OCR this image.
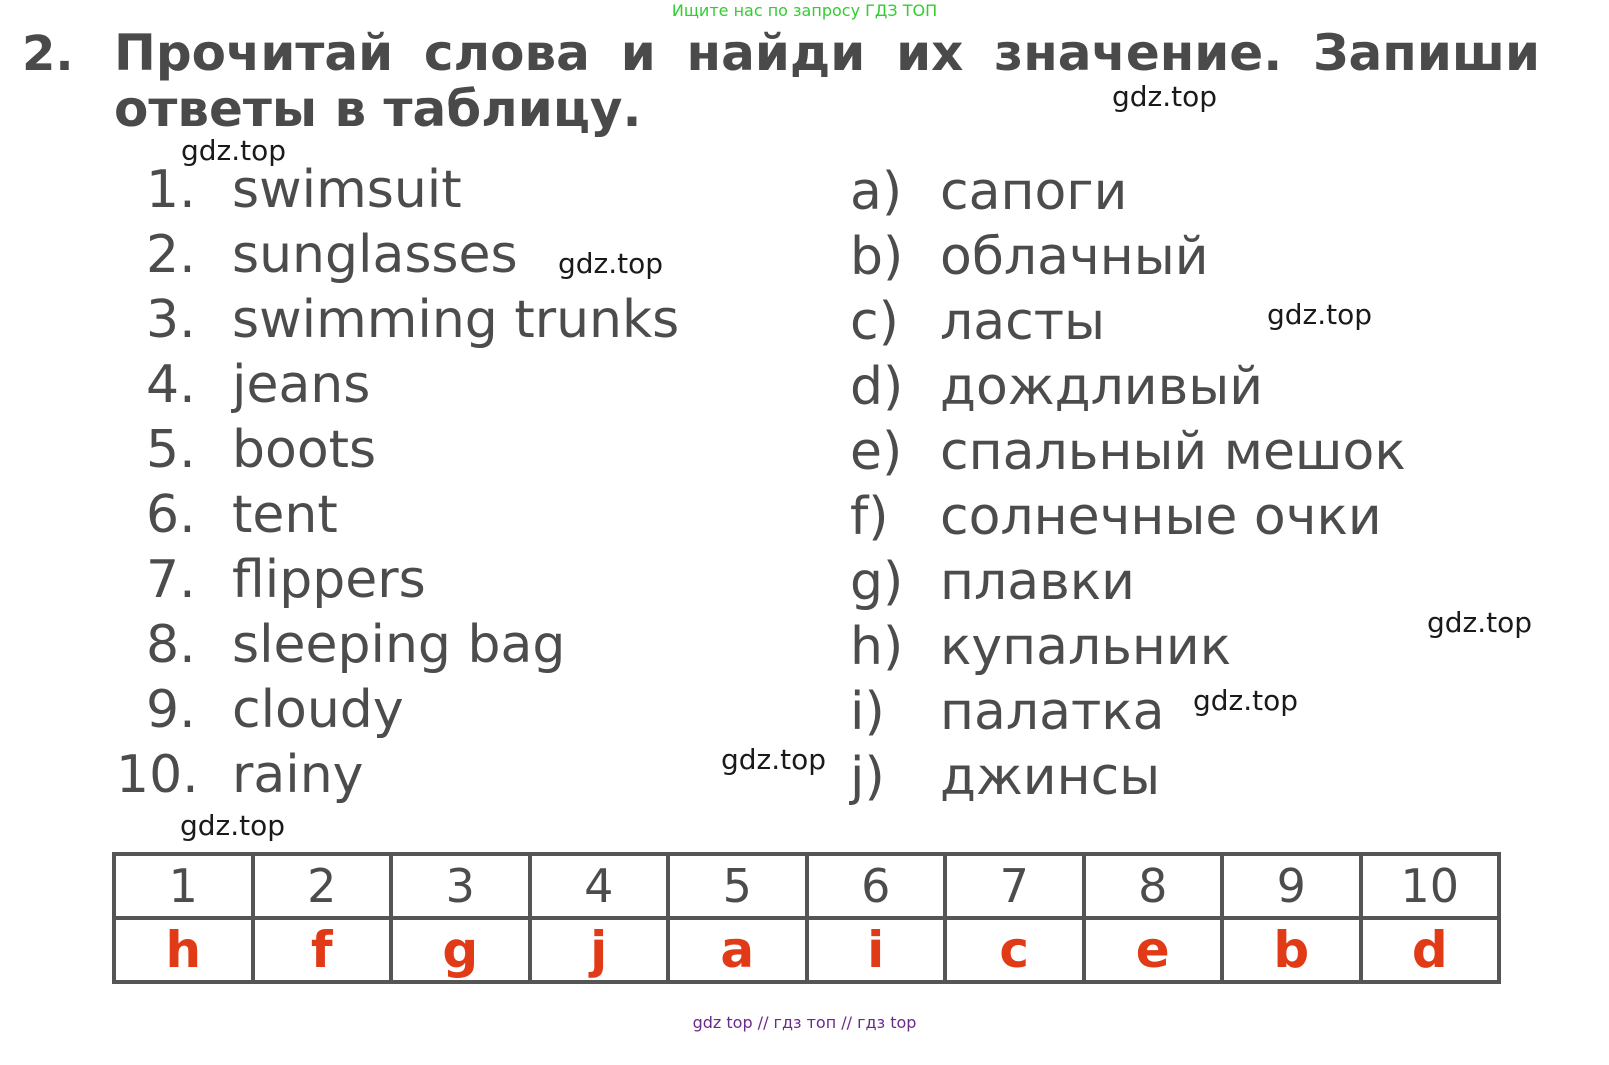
Ищите нас по запросу ГДЗ ТОП
2. Прочитай слова и найди их значение. Запиши
ответы в таблицу.
1. swimsuit
2. sunglasses
3. swimming trunks
4. jeans
5. boots
6. tent
7. flippers
8. sleeping bag
9. cloudy
10. rainy
a) сапоги
b) облачный
c) ласты
d) дождливый
e) спальный мешок
f) солнечные очки
g) плавки
h) купальник
i) палатка
j) джинсы
gdz.top
gdz.top
gdz.top
gdz.top
gdz.top
gdz.top
gdz.top
gdz.top
1	2	3	4	5	6	7	8	9	10
h	f	g	j	a	i	c	e	b	d
gdz top // гдз топ // гдз top
